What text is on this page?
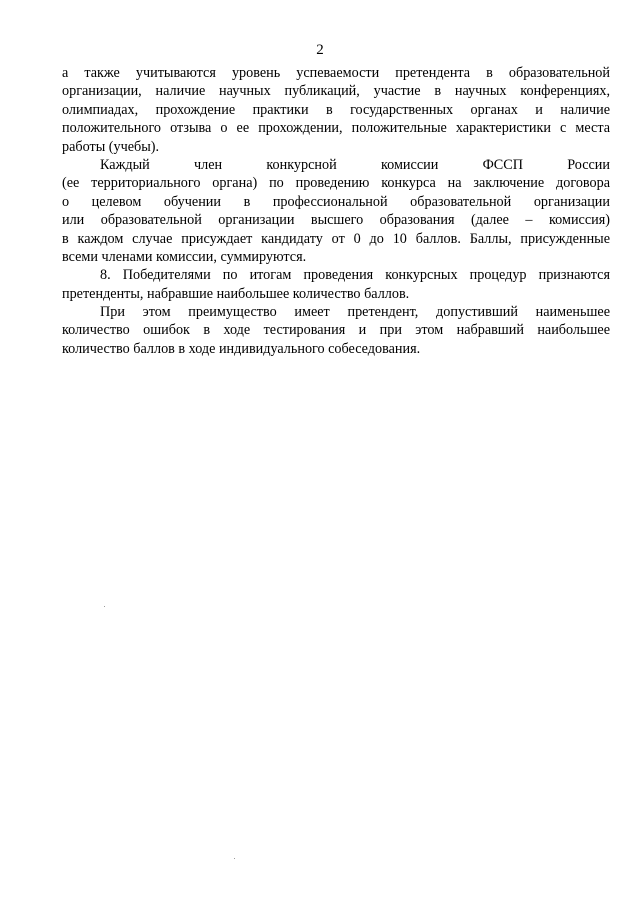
2
а также учитываются уровень успеваемости претендента в образовательной
организации, наличие научных публикаций, участие в научных конференциях,
олимпиадах, прохождение практики в государственных органах и наличие
положительного отзыва о ее прохождении, положительные характеристики с места
работы (учебы).
Каждый член конкурсной комиссии ФССП России
(ее территориального органа) по проведению конкурса на заключение договора
о целевом обучении в профессиональной образовательной организации
или образовательной организации высшего образования (далее – комиссия)
в каждом случае присуждает кандидату от 0 до 10 баллов. Баллы, присужденные
всеми членами комиссии, суммируются.
8. Победителями по итогам проведения конкурсных процедур признаются
претенденты, набравшие наибольшее количество баллов.
При этом преимущество имеет претендент, допустивший наименьшее
количество ошибок в ходе тестирования и при этом набравший наибольшее
количество баллов в ходе индивидуального собеседования.
